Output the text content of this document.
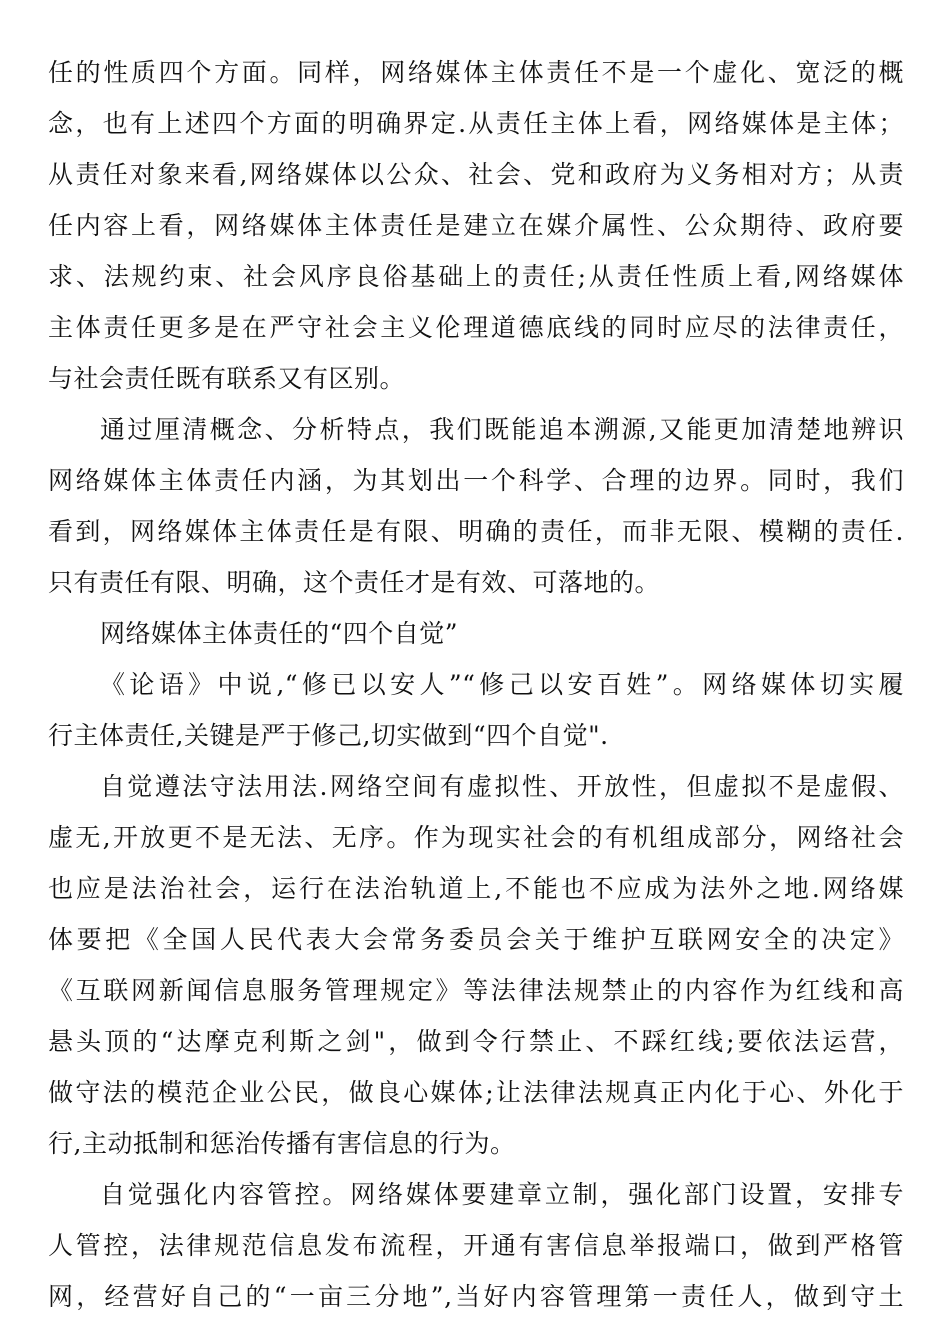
任的性质四个方面。同样，网络媒体主体责任不是一个虚化、宽泛的概
念，也有上述四个方面的明确界定.从责任主体上看，网络媒体是主体；
从责任对象来看,网络媒体以公众、社会、党和政府为义务相对方；从责
任内容上看，网络媒体主体责任是建立在媒介属性、公众期待、政府要
求、法规约束、社会风序良俗基础上的责任;从责任性质上看,网络媒体
主体责任更多是在严守社会主义伦理道德底线的同时应尽的法律责任，
与社会责任既有联系又有区别。
通过厘清概念、分析特点，我们既能追本溯源,又能更加清楚地辨识
网络媒体主体责任内涵，为其划出一个科学、合理的边界。同时，我们
看到，网络媒体主体责任是有限、明确的责任，而非无限、模糊的责任.
只有责任有限、明确，这个责任才是有效、可落地的。
网络媒体主体责任的“四个自觉”
《论语》中说,“修已以安人”“修己以安百姓”。网络媒体切实履
行主体责任,关键是严于修己,切实做到“四个自觉".
自觉遵法守法用法.网络空间有虚拟性、开放性，但虚拟不是虚假、
虚无,开放更不是无法、无序。作为现实社会的有机组成部分，网络社会
也应是法治社会，运行在法治轨道上,不能也不应成为法外之地.网络媒
体要把《全国人民代表大会常务委员会关于维护互联网安全的决定》
《互联网新闻信息服务管理规定》等法律法规禁止的内容作为红线和高
悬头顶的“达摩克利斯之剑"，做到令行禁止、不踩红线;要依法运营，
做守法的模范企业公民，做良心媒体;让法律法规真正内化于心、外化于
行,主动抵制和惩治传播有害信息的行为。
自觉强化内容管控。网络媒体要建章立制，强化部门设置，安排专
人管控，法律规范信息发布流程，开通有害信息举报端口，做到严格管
网，经营好自己的“一亩三分地”,当好内容管理第一责任人，做到守土
